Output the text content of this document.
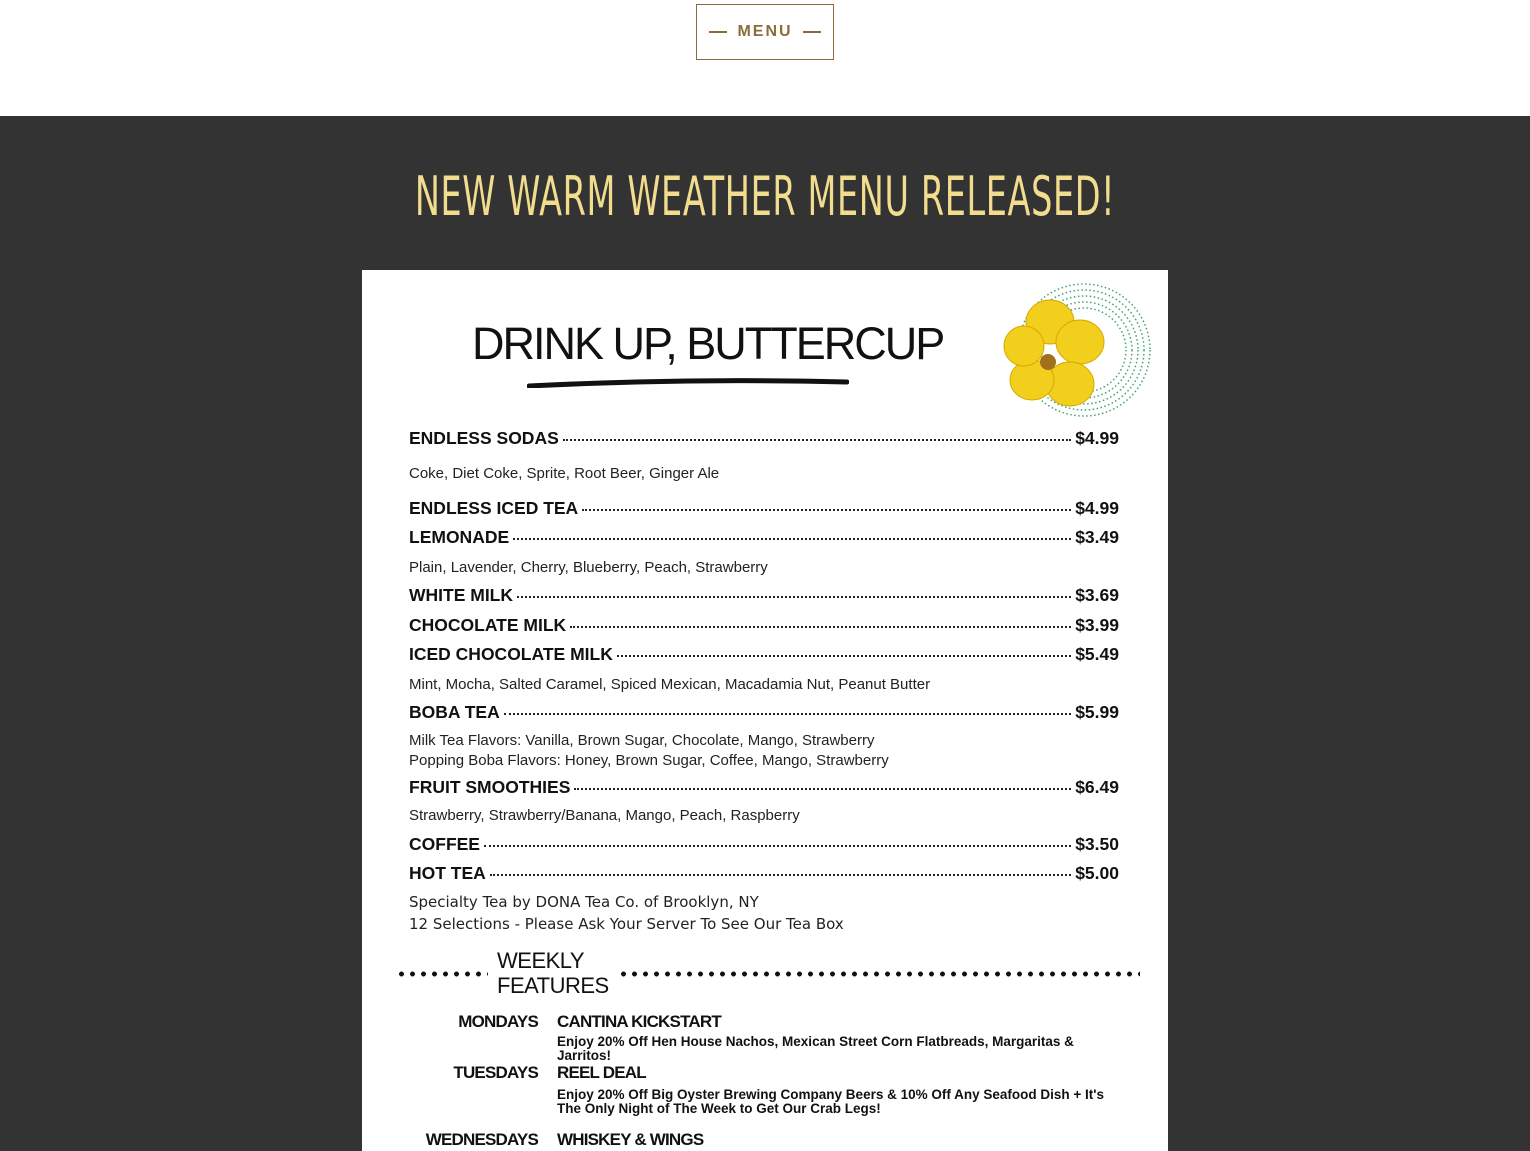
MENU
NEW WARM WEATHER MENU RELEASED!
DRINK UP, BUTTERCUP
ENDLESS SODAS	$4.99
Coke, Diet Coke, Sprite, Root Beer, Ginger Ale
ENDLESS ICED TEA	$4.99
LEMONADE	$3.49
Plain, Lavender, Cherry, Blueberry, Peach, Strawberry
WHITE MILK	$3.69
CHOCOLATE MILK	$3.99
ICED CHOCOLATE MILK	$5.49
Mint, Mocha, Salted Caramel, Spiced Mexican, Macadamia Nut, Peanut Butter
BOBA TEA	$5.99
Milk Tea Flavors: Vanilla, Brown Sugar, Chocolate, Mango, Strawberry
Popping Boba Flavors: Honey, Brown Sugar, Coffee, Mango, Strawberry
FRUIT SMOOTHIES	$6.49
Strawberry, Strawberry/Banana, Mango, Peach, Raspberry
COFFEE	$3.50
HOT TEA	$5.00
Specialty Tea by DONA Tea Co. of Brooklyn, NY
12 Selections - Please Ask Your Server To See Our Tea Box
WEEKLY
FEATURES
MONDAYS CANTINA KICKSTART
Enjoy 20% Off Hen House Nachos, Mexican Street Corn Flatbreads, Margaritas & Jarritos!
TUESDAYS REEL DEAL
Enjoy 20% Off Big Oyster Brewing Company Beers & 10% Off Any Seafood Dish + It's The Only Night of The Week to Get Our Crab Legs!
WEDNESDAYS WHISKEY & WINGS
